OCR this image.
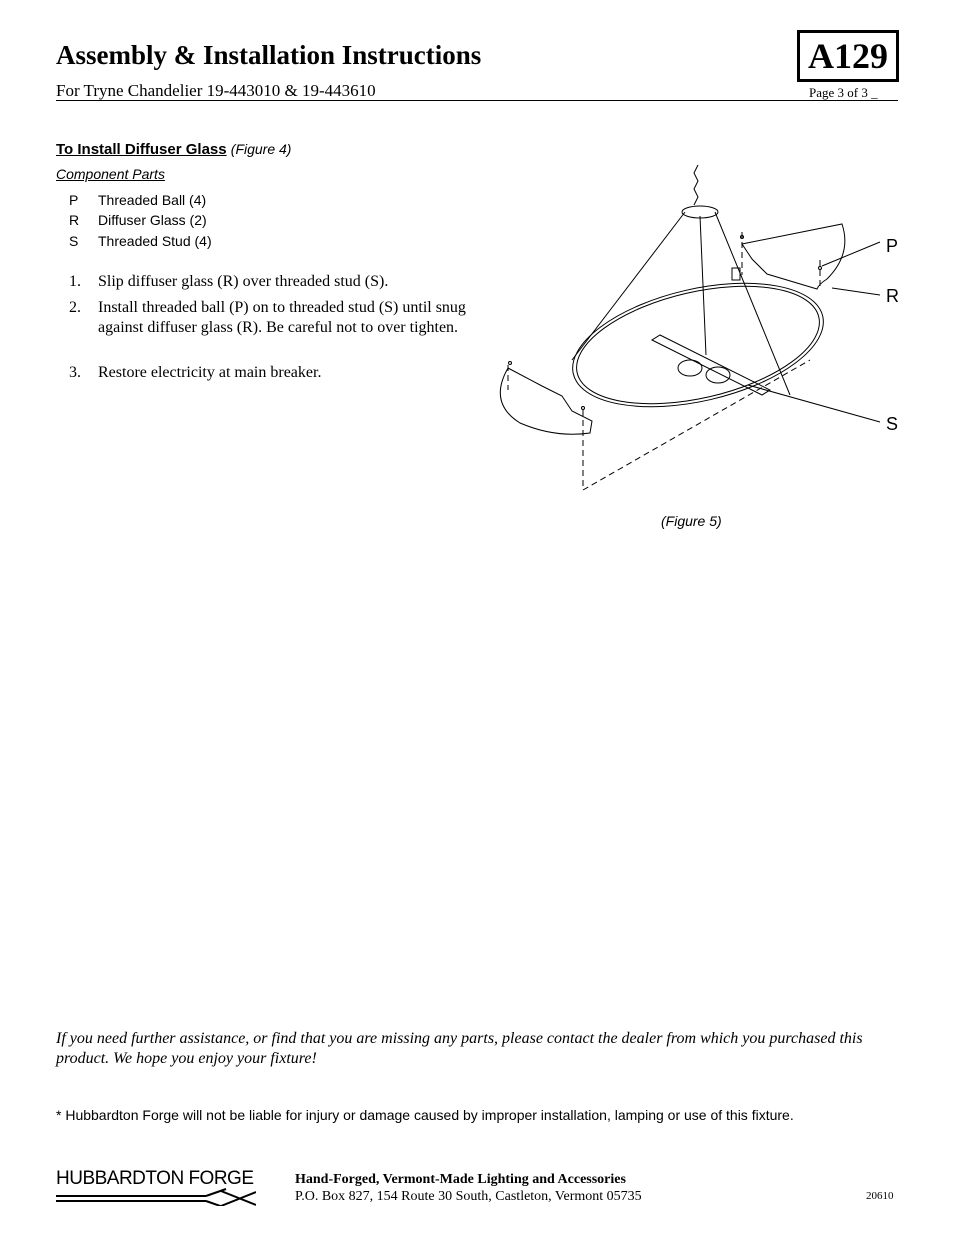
Assembly & Installation Instructions
For Tryne Chandelier 19-443010 & 19-443610	Page 3 of 3 _
A129
To Install Diffuser Glass (Figure 4)
Component Parts
P Threaded Ball (4)
R Diffuser Glass (2)
S Threaded Stud (4)
1. Slip diffuser glass (R) over threaded stud (S).
2. Install threaded ball (P) on to threaded stud (S) until snug against diffuser glass (R). Be careful not to over tighten.
3. Restore electricity at main breaker.
P
R
S
(Figure 5)
If you need further assistance, or find that you are missing any parts, please contact the dealer from which you purchased this product. We hope you enjoy your fixture!
* Hubbardton Forge will not be liable for injury or damage caused by improper installation, lamping or use of this fixture.
HUBBARDTON FORGE	Hand-Forged, Vermont-Made Lighting and Accessories
P.O. Box 827, 154 Route 30 South, Castleton, Vermont 05735	20610
